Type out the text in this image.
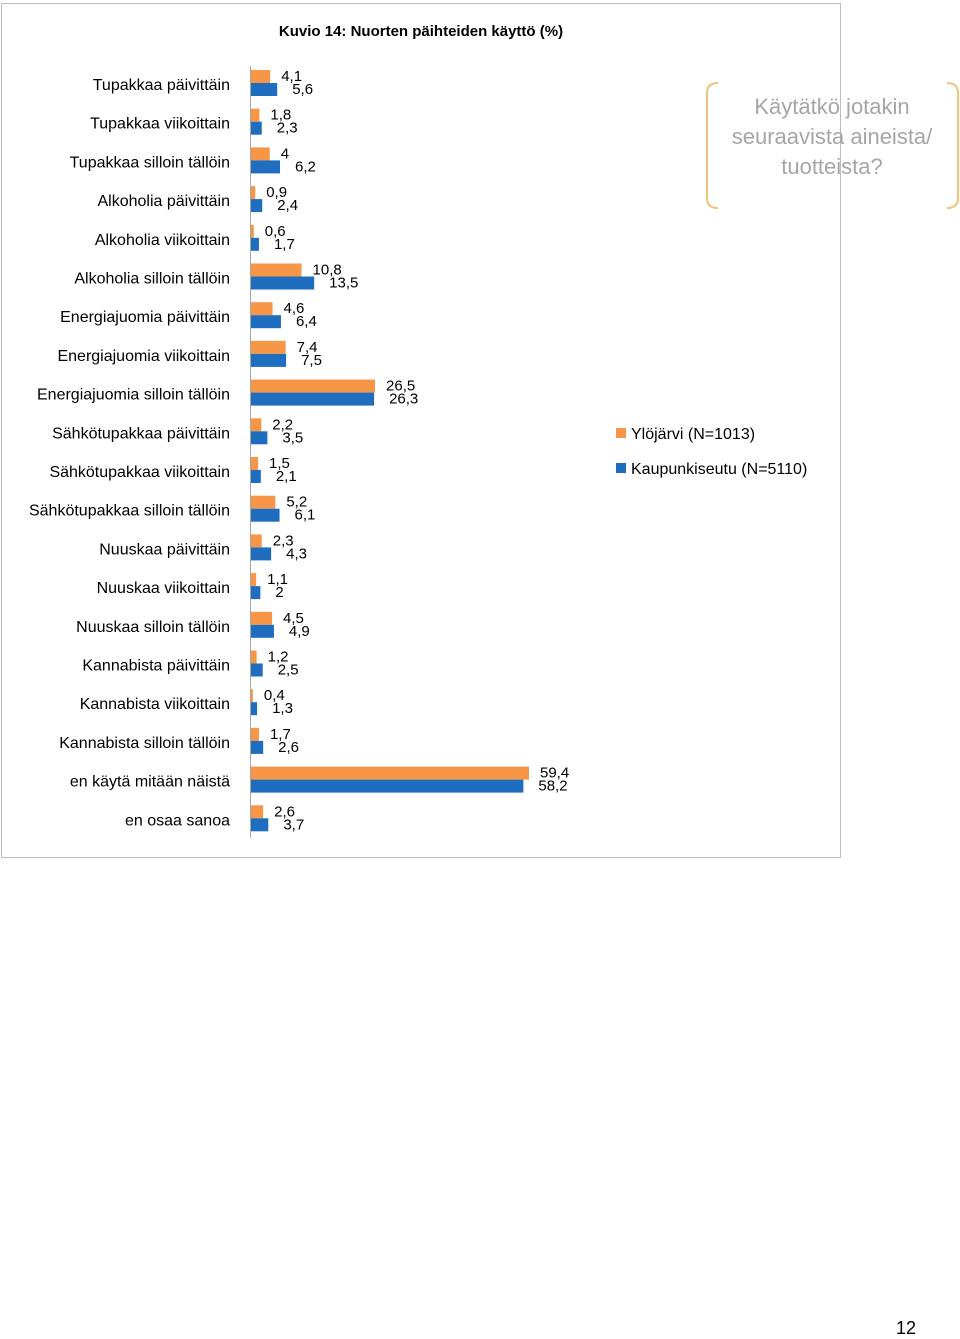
Kuvio 14: Nuorten päihteiden käyttö (%)
Käytätkö jotakin
seuraavista aineista/
tuotteista?
Ylöjärvi (N=1013)
Kaupunkiseutu (N=5110)
Tupakkaa päivittäin
Tupakkaa viikoittain
Tupakkaa silloin tällöin
Alkoholia päivittäin
Alkoholia viikoittain
Alkoholia silloin tällöin
Energiajuomia päivittäin
Energiajuomia viikoittain
Energiajuomia silloin tällöin
Sähkötupakkaa päivittäin
Sähkötupakkaa viikoittain
Sähkötupakkaa silloin tällöin
Nuuskaa päivittäin
Nuuskaa viikoittain
Nuuskaa silloin tällöin
Kannabista päivittäin
Kannabista viikoittain
Kannabista silloin tällöin
en käytä mitään näistä
en osaa sanoa
4,1
5,6
1,8
2,3
4
6,2
0,9
2,4
0,6
1,7
10,8
13,5
4,6
6,4
7,4
7,5
26,5
26,3
2,2
3,5
1,5
2,1
5,2
6,1
2,3
4,3
1,1
2
4,5
4,9
1,2
2,5
0,4
1,3
1,7
2,6
59,4
58,2
2,6
3,7
12
